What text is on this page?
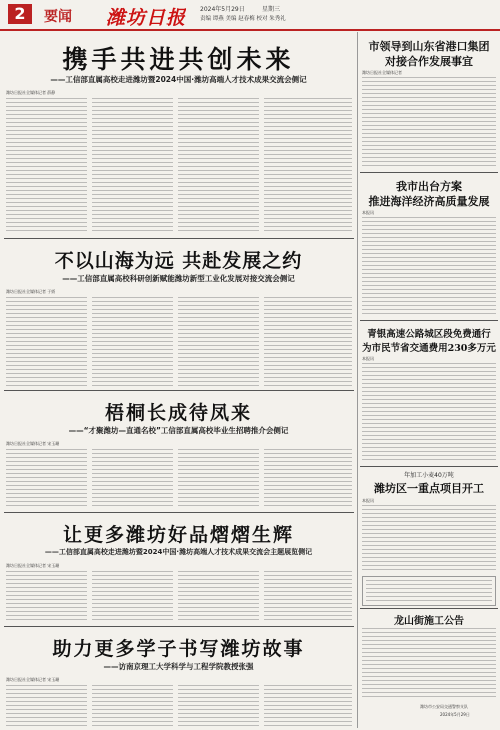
2	要闻 潍坊日报 2024年5月29日	星期三
责编 谭燕 美编 赵春梅 校对 朱秀礼
携手共进共创未来
——工信部直属高校走进潍坊暨2024中国·潍坊高端人才技术成果交流会侧记
潍坊日报社全媒体记者 薛静
不以山海为远 共赴发展之约
——工信部直属高校科研创新赋能潍坊新型工业化发展对接交流会侧记
潍坊日报社全媒体记者 于娇
梧桐长成待凤来
——“才聚潍坊—直通名校”工信部直属高校毕业生招聘推介会侧记
潍坊日报社全媒体记者 宋玉珊
让更多潍坊好品熠熠生辉
——工信部直属高校走进潍坊暨2024中国·潍坊高端人才技术成果交流会主题展览侧记
潍坊日报社全媒体记者 宋玉珊
助力更多学子书写潍坊故事
——访南京理工大学科学与工程学院教授张强
潍坊日报社全媒体记者 宋玉珊
市领导到山东省港口集团
对接合作发展事宜
潍坊日报社全媒体记者
我市出台方案
推进海洋经济高质量发展
本报讯
青银高速公路城区段免费通行
为市民节省交通费用230多万元
本报讯
年加工小麦40万吨
潍坊区一重点项目开工
本报讯
龙山街施工公告
潍坊市公安局交通警察支队
2024年5月29日
